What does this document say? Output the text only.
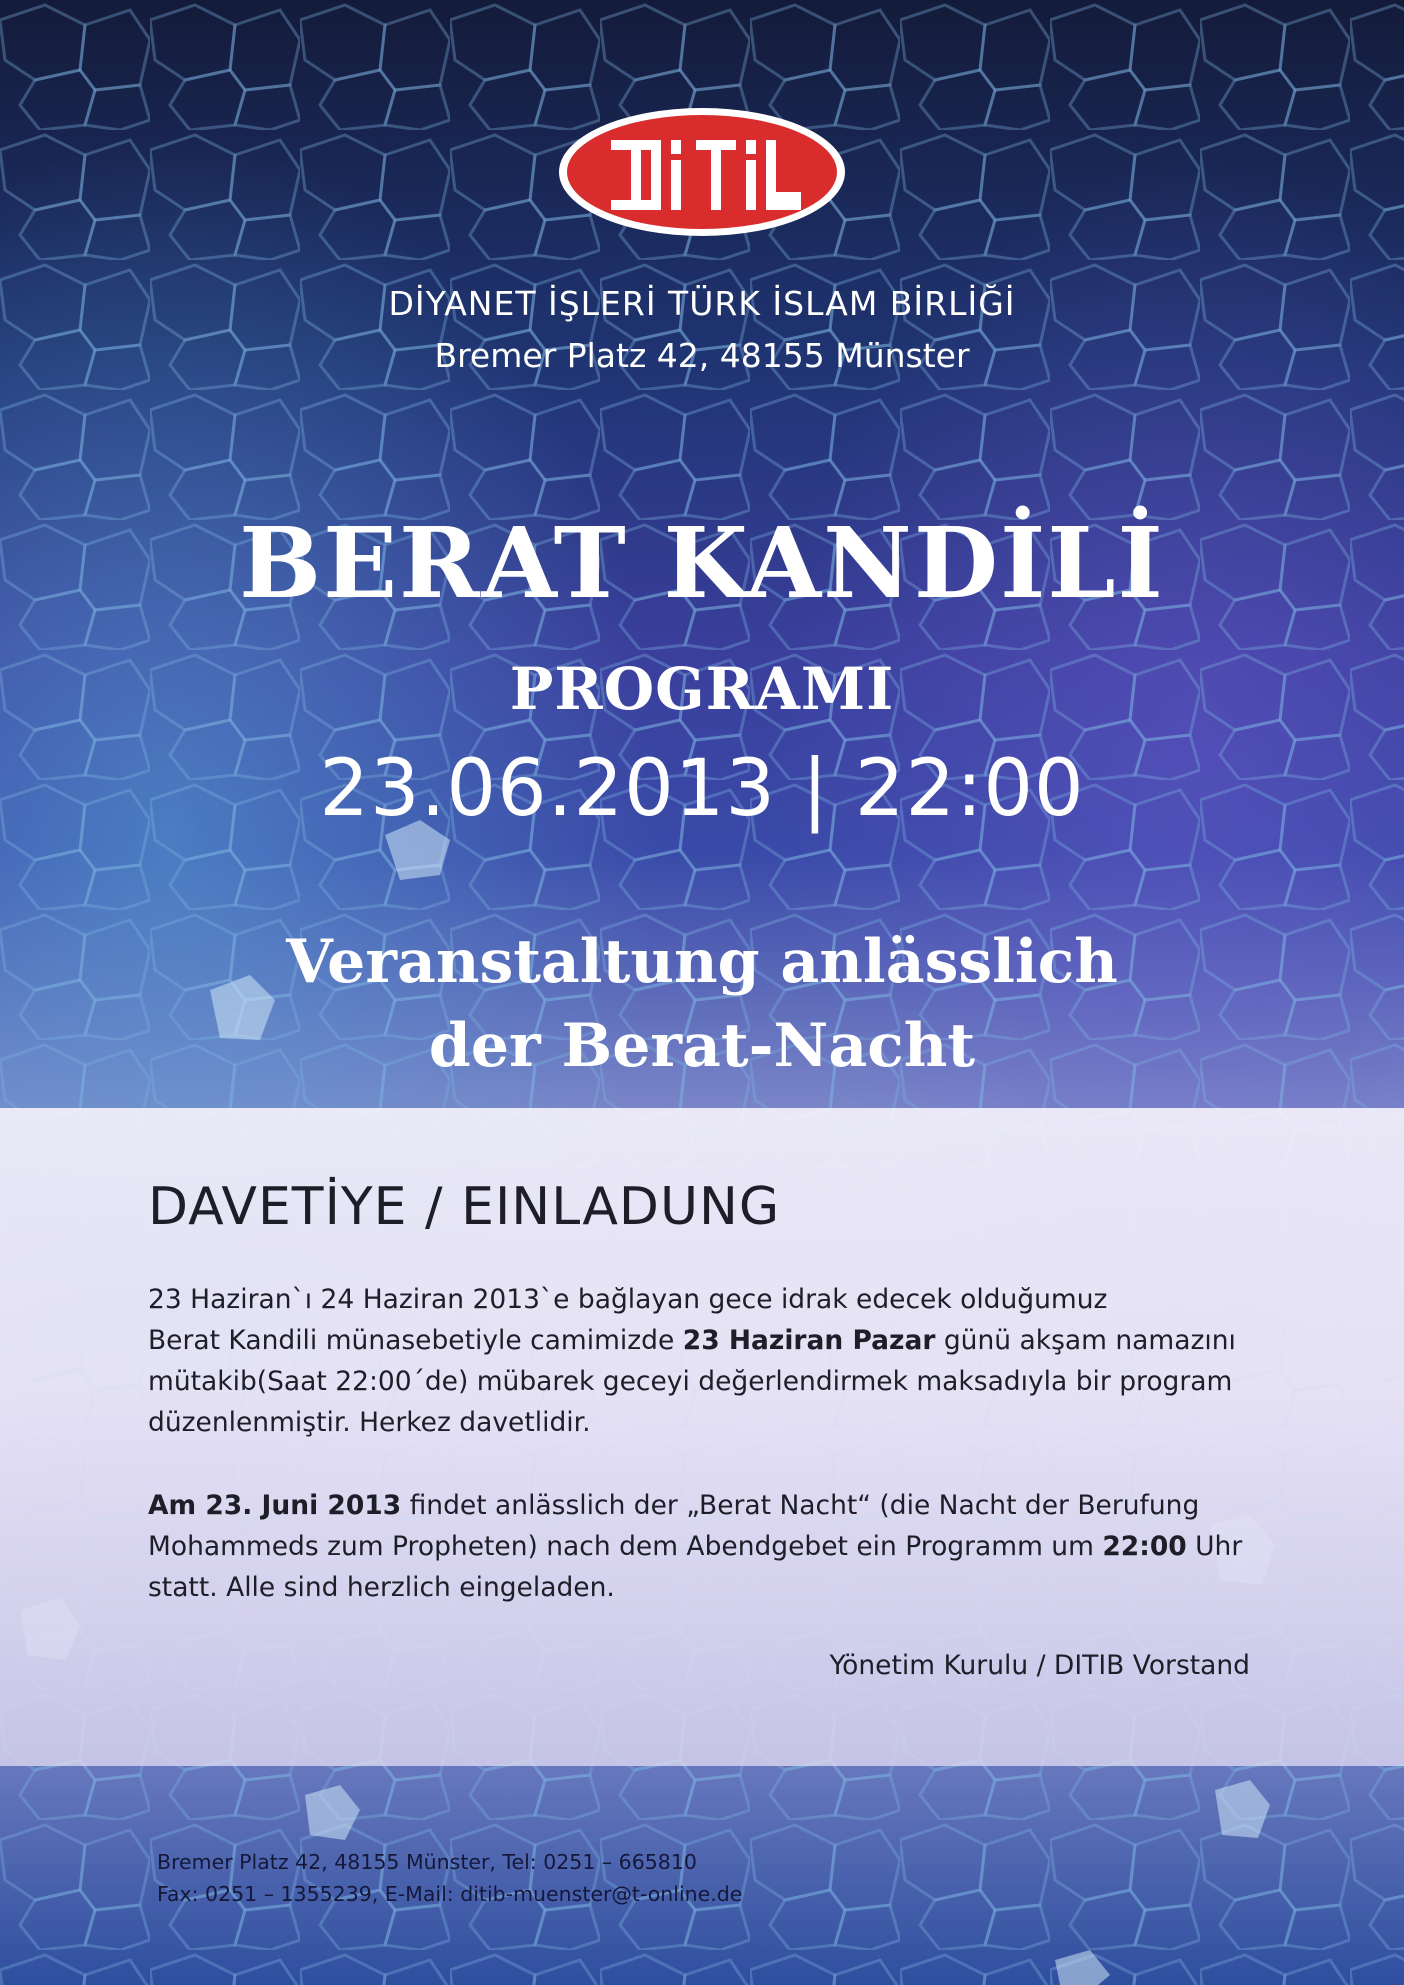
DİYANET İŞLERİ TÜRK İSLAM BİRLİĞİ
Bremer Platz 42, 48155 Münster
BERAT KANDİLİ
PROGRAMI
23.06.2013 | 22:00
Veranstaltung anlässlich
der Berat-Nacht
DAVETİYE / EINLADUNG
23 Haziran`ı 24 Haziran 2013`e bağlayan gece idrak edecek olduğumuz
Berat Kandili münasebetiyle camimizde 23 Haziran Pazar günü akşam namazını
mütakib(Saat 22:00´de) mübarek geceyi değerlendirmek maksadıyla bir program
düzenlenmiştir. Herkez davetlidir.
Am 23. Juni 2013 findet anlässlich der „Berat Nacht“ (die Nacht der Berufung
Mohammeds zum Propheten) nach dem Abendgebet ein Programm um 22:00 Uhr
statt. Alle sind herzlich eingeladen.
Yönetim Kurulu / DITIB Vorstand
Bremer Platz 42, 48155 Münster, Tel: 0251 – 665810
Fax: 0251 – 1355239, E-Mail: ditib-muenster@t-online.de
